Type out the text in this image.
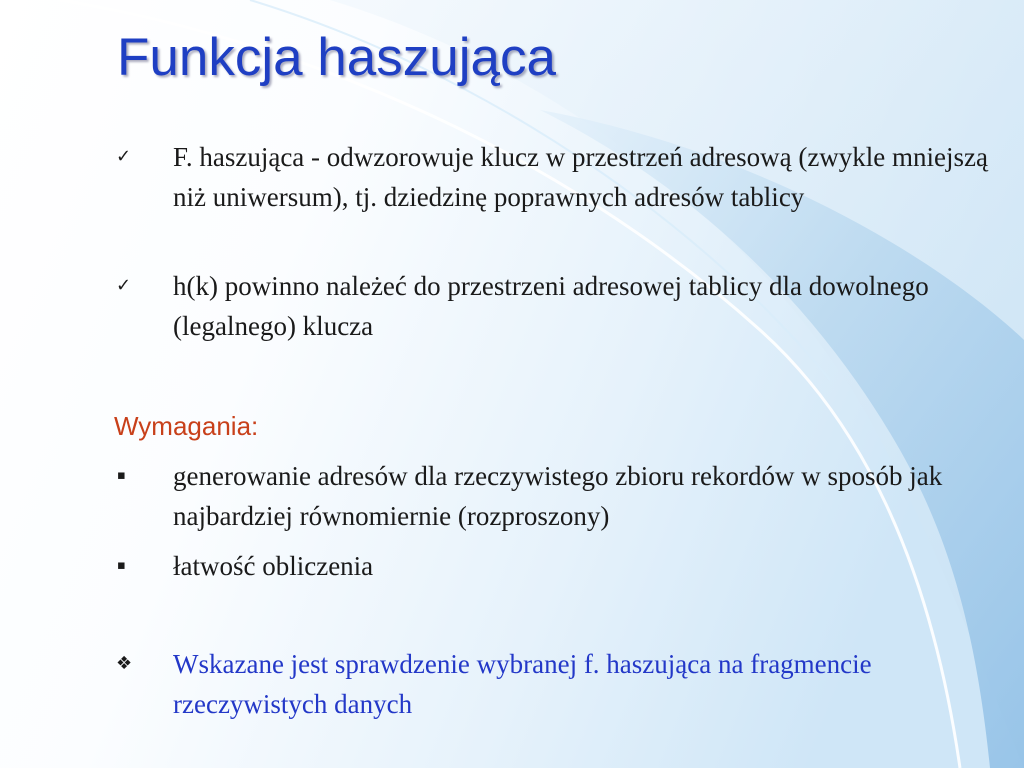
Funkcja haszująca
✓	F. haszująca - odwzorowuje klucz w przestrzeń adresową (zwykle mniejszą niż uniwersum), tj. dziedzinę poprawnych adresów tablicy
✓	h(k) powinno należeć do przestrzeni adresowej tablicy dla dowolnego (legalnego) klucza
Wymagania:
▪	generowanie adresów dla rzeczywistego zbioru rekordów w sposób jak najbardziej równomiernie (rozproszony)
▪	łatwość obliczenia
❖	Wskazane jest sprawdzenie wybranej f. haszująca na fragmencie rzeczywistych danych
